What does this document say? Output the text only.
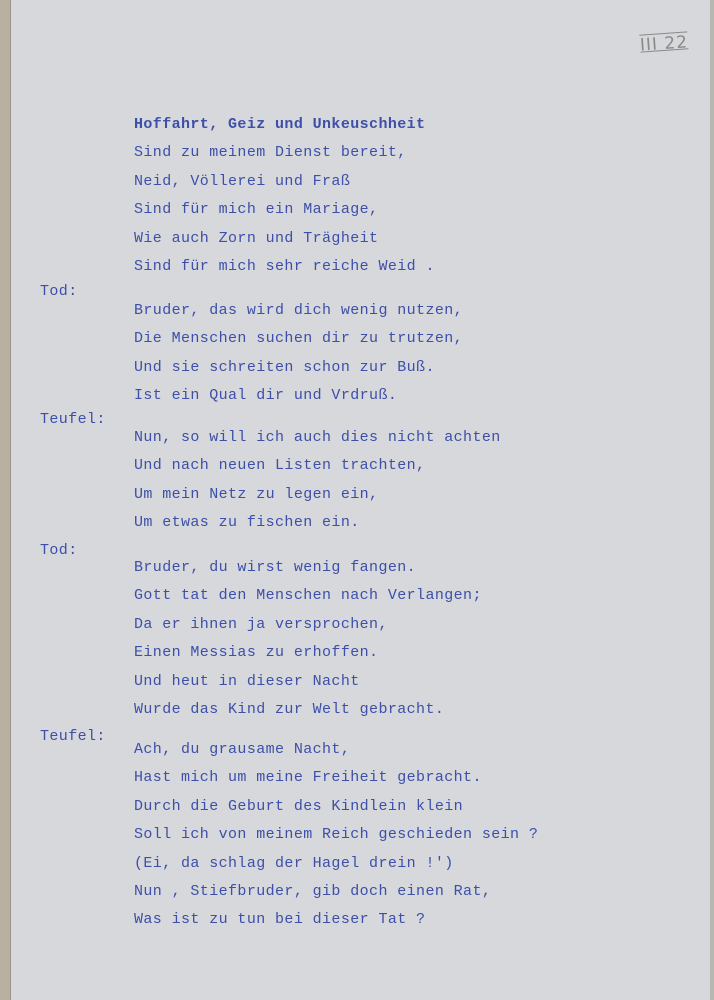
III 22
Hoffahrt, Geiz und Unkeuschheit
Sind zu meinem Dienst bereit,
Neid, Völlerei und Fraß
Sind für mich ein Mariage,
Wie auch Zorn und Trägheit
Sind für mich sehr reiche Weid .
Tod:
Bruder, das wird dich wenig nutzen,
Die Menschen suchen dir zu trutzen,
Und sie schreiten schon zur Buß.
Ist ein Qual dir und Vrdruß.
Teufel:
Nun, so will ich auch dies nicht achten
Und nach neuen Listen trachten,
Um mein Netz zu legen ein,
Um etwas zu fischen ein.
Tod:
Bruder, du wirst wenig fangen.
Gott tat den Menschen nach Verlangen;
Da er ihnen ja versprochen,
Einen Messias zu erhoffen.
Und heut in dieser Nacht
Wurde das Kind zur Welt gebracht.
Teufel:
Ach, du grausame Nacht,
Hast mich um meine Freiheit gebracht.
Durch die Geburt des Kindlein klein
Soll ich von meinem Reich geschieden sein ?
(Ei, da schlag der Hagel drein !')
Nun , Stiefbruder, gib doch einen Rat,
Was ist zu tun bei dieser Tat ?
